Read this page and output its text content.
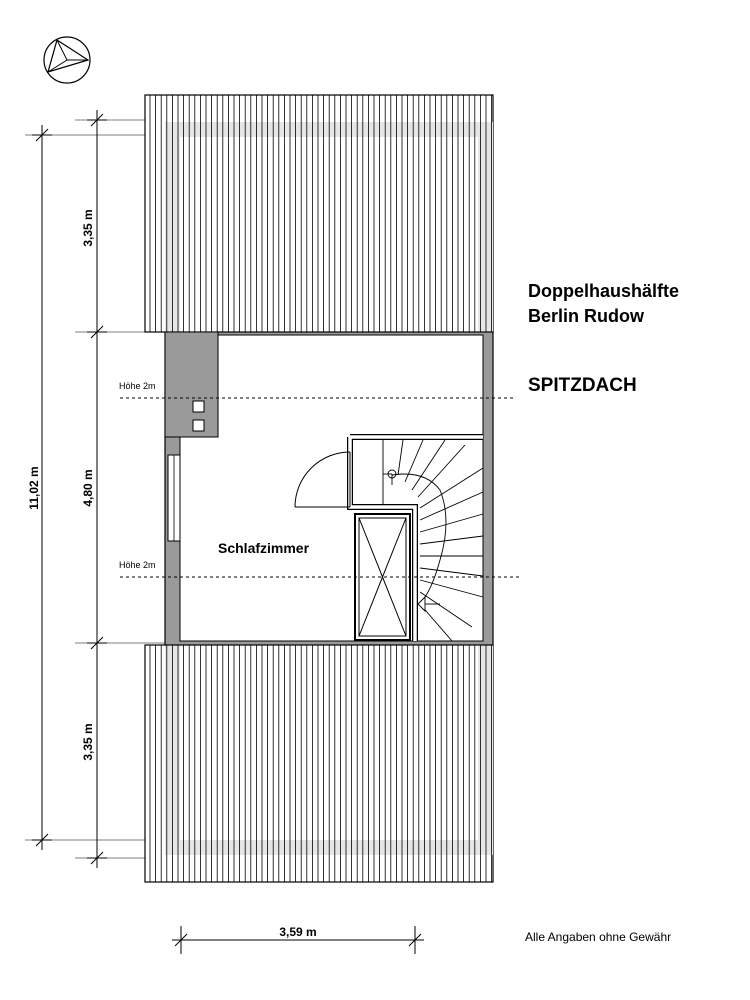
Höhe 2m
Höhe 2m
Schlafzimmer
11,02 m
3,35 m
4,80 m
3,35 m
3,59 m
Doppelhaushälfte
Berlin Rudow
SPITZDACH
Alle Angaben ohne Gewähr
